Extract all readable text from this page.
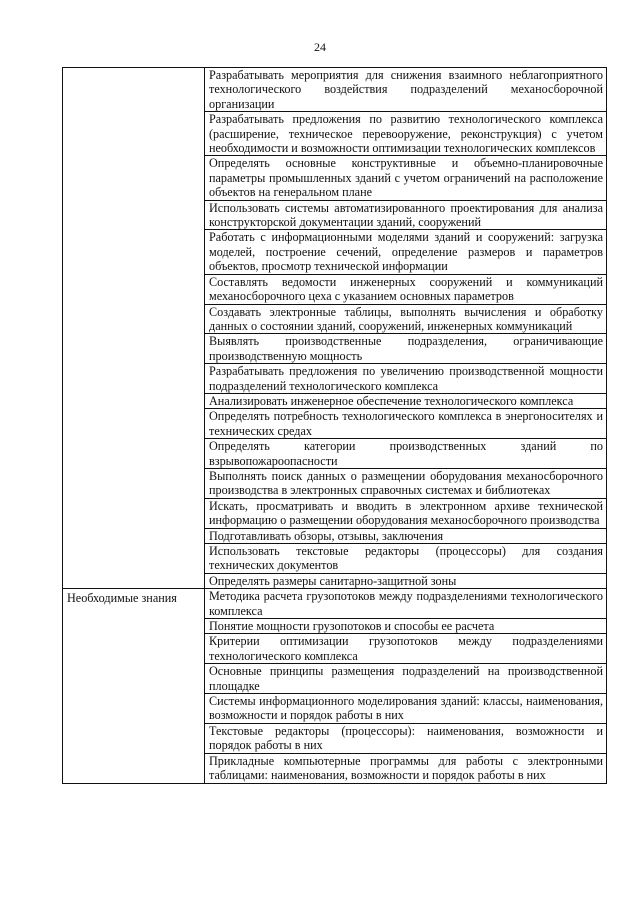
24

	Разрабатывать мероприятия для снижения взаимного неблагоприятного технологического воздействия подразделений механосборочной организации

	Разрабатывать предложения по развитию технологического комплекса (расширение, техническое перевооружение, реконструкция) с учетом необходимости и возможности оптимизации технологических комплексов

	Определять основные конструктивные и объемно-планировочные параметры промышленных зданий с учетом ограничений на расположение объектов на генеральном плане

	Использовать системы автоматизированного проектирования для анализа конструкторской документации зданий, сооружений

	Работать с информационными моделями зданий и сооружений: загрузка моделей, построение сечений, определение размеров и параметров объектов, просмотр технической информации

	Составлять ведомости инженерных сооружений и коммуникаций механосборочного цеха с указанием основных параметров

	Создавать электронные таблицы, выполнять вычисления и обработку данных о состоянии зданий, сооружений, инженерных коммуникаций

	Выявлять производственные подразделения, ограничивающие производственную мощность

	Разрабатывать предложения по увеличению производственной мощности подразделений технологического комплекса

	Анализировать инженерное обеспечение технологического комплекса

	Определять потребность технологического комплекса в энергоносителях и технических средах

	Определять категории производственных зданий по взрывопожароопасности

	Выполнять поиск данных о размещении оборудования механосборочного производства в электронных справочных системах и библиотеках

	Искать, просматривать и вводить в электронном архиве технической информацию о размещении оборудования механосборочного производства

	Подготавливать обзоры, отзывы, заключения

	Использовать текстовые редакторы (процессоры) для создания технических документов

	Определять размеры санитарно-защитной зоны

Необходимые знания	Методика расчета грузопотоков между подразделениями технологического комплекса

	Понятие мощности грузопотоков и способы ее расчета

	Критерии оптимизации грузопотоков между подразделениями технологического комплекса

	Основные принципы размещения подразделений на производственной площадке

	Системы информационного моделирования зданий: классы, наименования, возможности и порядок работы в них

	Текстовые редакторы (процессоры): наименования, возможности и порядок работы в них

	Прикладные компьютерные программы для работы с электронными таблицами: наименования, возможности и порядок работы в них
